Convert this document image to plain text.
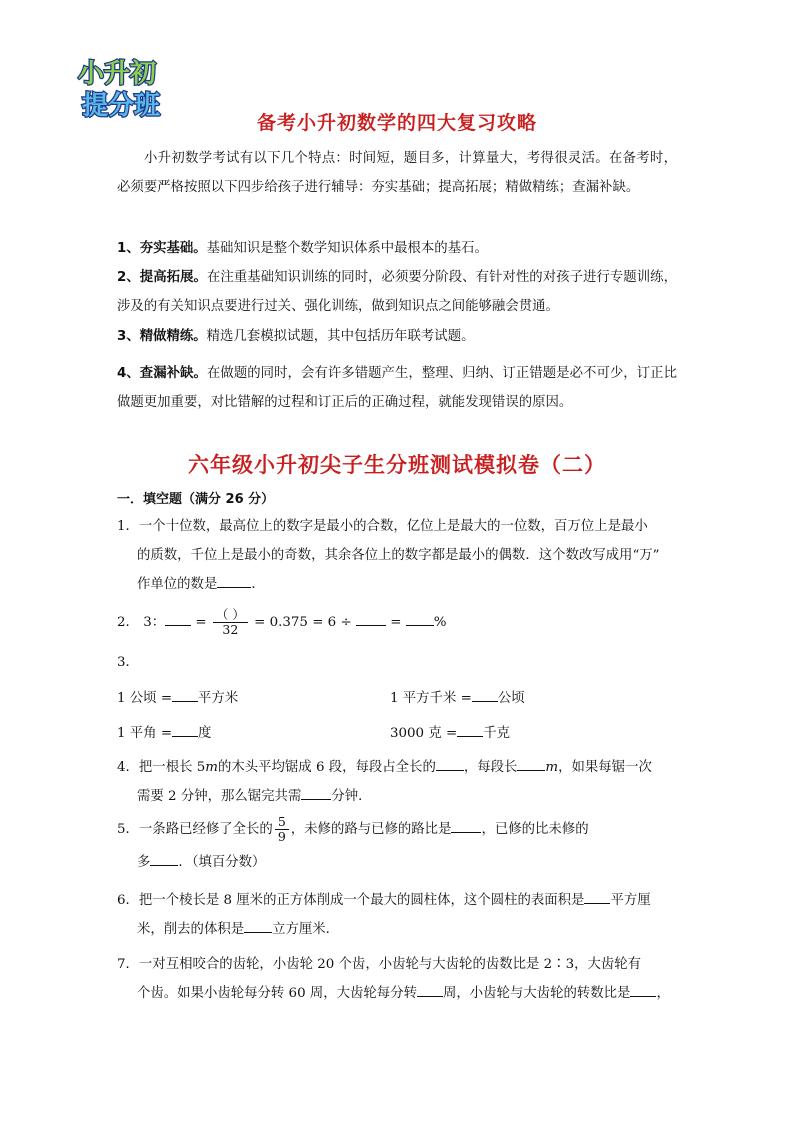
小升初
提分班
备考小升初数学的四大复习攻略
小升初数学考试有以下几个特点：时间短，题目多，计算量大，考得很灵活。在备考时，必须要严格按照以下四步给孩子进行辅导：夯实基础；提高拓展；精做精练；查漏补缺。
1、夯实基础。基础知识是整个数学知识体系中最根本的基石。
2、提高拓展。在注重基础知识训练的同时，必须要分阶段、有针对性的对孩子进行专题训练，涉及的有关知识点要进行过关、强化训练，做到知识点之间能够融会贯通。
3、精做精练。精选几套模拟试题，其中包括历年联考试题。
4、查漏补缺。在做题的同时，会有许多错题产生，整理、归纳、订正错题是必不可少，订正比做题更加重要，对比错解的过程和订正后的正确过程，就能发现错误的原因。
六年级小升初尖子生分班测试模拟卷（二）
一．填空题（满分 26 分）
1．一个十位数，最高位上的数字是最小的合数，亿位上是最大的一位数，百万位上是最小
的质数，千位上是最小的奇数，其余各位上的数字都是最小的偶数．这个数改写成用“万”
作单位的数是	．
2． 3： = $\frac{( )}{32} = 0.375 = 6$ ÷	= %
3．
1 公顷 = 平方米	1 平方千米 = 公顷
1 平角 = 度	3000 克 = 千克
4．把一根长 5m的木头平均锯成 6 段，每段占全长的 ，每段长 m，如果每锯一次
需要 2 分钟，那么锯完共需 分钟．
5．一条路已经修了全长的 $\frac{5}{9}$ ，未修的路与已修的路比是 ，已修的比未修的
多 ．（填百分数）
6．把一个棱长是 8 厘米的正方体削成一个最大的圆柱体，这个圆柱的表面积是 平方厘
米，削去的体积是 立方厘米．
7．一对互相咬合的齿轮，小齿轮 20 个齿，小齿轮与大齿轮的齿数比是 2∶3，大齿轮有
个齿。如果小齿轮每分转 60 周，大齿轮每分转 周，小齿轮与大齿轮的转数比是 ，
